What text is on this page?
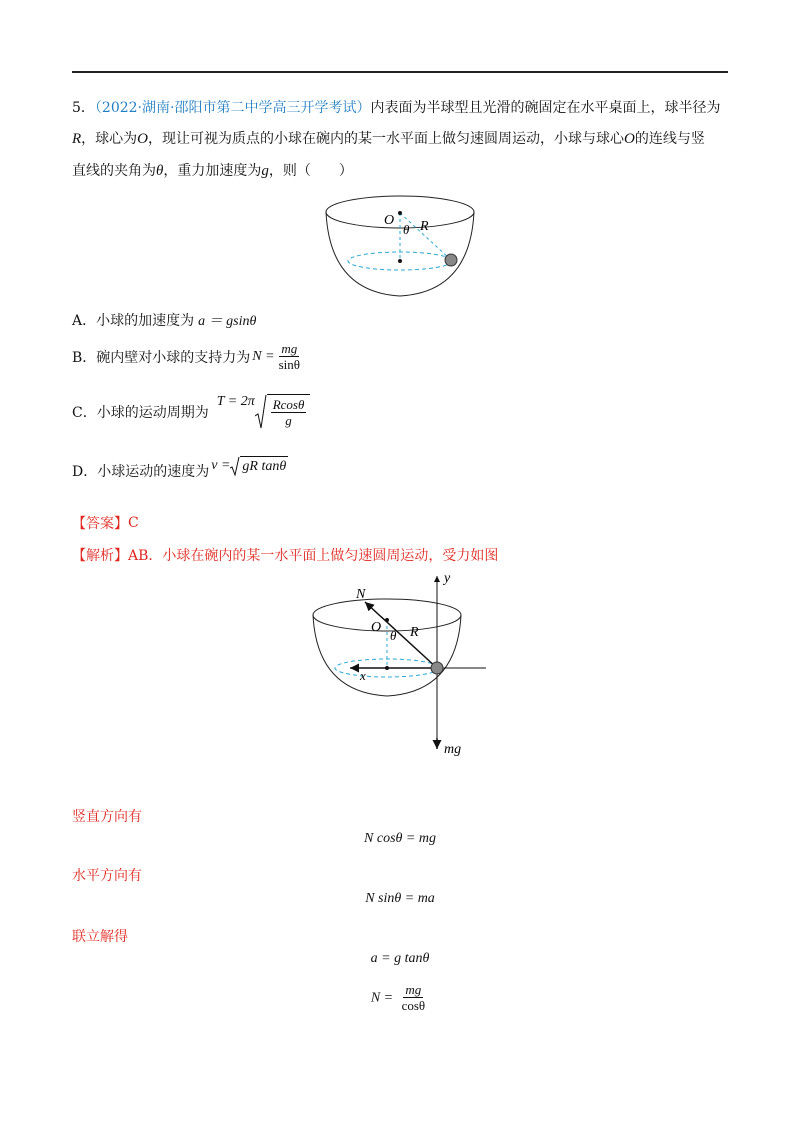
5．（2022·湖南·邵阳市第二中学高三开学考试）内表面为半球型且光滑的碗固定在水平桌面上，球半径为
R，球心为O，现让可视为质点的小球在碗内的某一水平面上做匀速圆周运动，小球与球心O的连线与竖
直线的夹角为θ，重力加速度为g，则（　　）
O
θ R
A．小球的加速度为 a ＝ gsinθ
B．碗内壁对小球的支持力为 $N = \frac{mg}{\sin\theta}$
C．小球的运动周期为
$T = 2\pi \frac{Rcos\theta}{g}$
D．小球运动的速度为 v = gR tanθ
【答案】 C
【解析】 AB．小球在碗内的某一水平面上做匀速圆周运动，受力如图
N
y
O
θ R
x
mg
竖直方向有
N cosθ = mg
水平方向有
N sinθ = ma
联立解得
a = g tanθ
$N = \frac{mg}{\cos\theta}$
